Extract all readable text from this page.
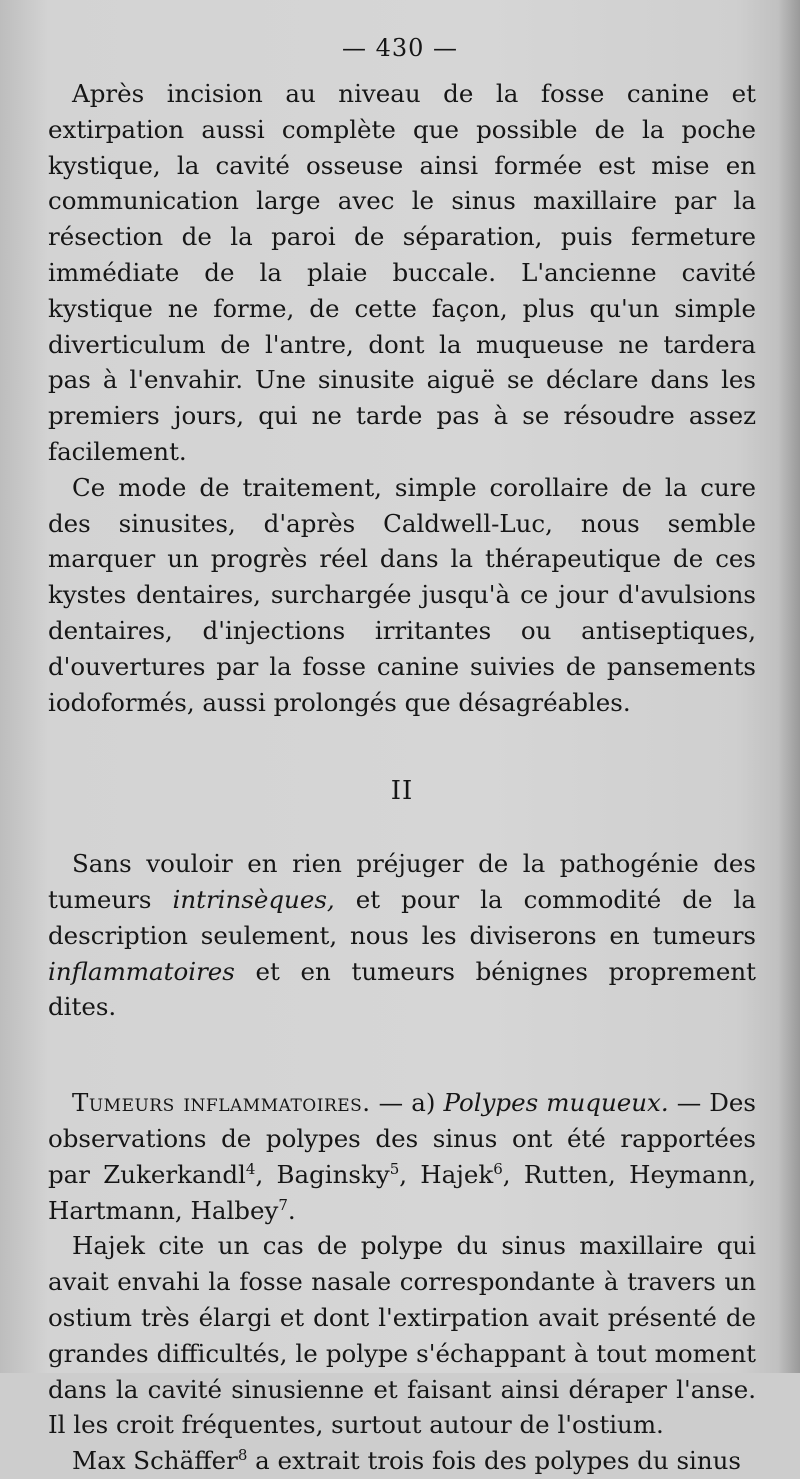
— 430 —

Après incision au niveau de la fosse canine et extirpation aussi complète que possible de la poche kystique, la cavité osseuse ainsi formée est mise en communication large avec le sinus maxillaire par la résection de la paroi de séparation, puis fermeture immédiate de la plaie buccale. L'ancienne cavité kystique ne forme, de cette façon, plus qu'un simple diverticulum de l'antre, dont la muqueuse ne tardera pas à l'envahir. Une sinusite aiguë se déclare dans les premiers jours, qui ne tarde pas à se résoudre assez facilement.

Ce mode de traitement, simple corollaire de la cure des sinusites, d'après Caldwell-Luc, nous semble marquer un progrès réel dans la thérapeutique de ces kystes dentaires, surchargée jusqu'à ce jour d'avulsions dentaires, d'injections irritantes ou antiseptiques, d'ouvertures par la fosse canine suivies de pansements iodoformés, aussi prolongés que désagréables.

II

Sans vouloir en rien préjuger de la pathogénie des tumeurs intrinsèques, et pour la commodité de la description seulement, nous les diviserons en tumeurs inflammatoires et en tumeurs bénignes proprement dites.

Tumeurs inflammatoires. — a) Polypes muqueux. — Des observations de polypes des sinus ont été rapportées par Zukerkandl$^4$, Baginsky$^5$, Hajek$^6$, Rutten, Heymann, Hartmann, Halbey$^7$.

Hajek cite un cas de polype du sinus maxillaire qui avait envahi la fosse nasale correspondante à travers un ostium très élargi et dont l'extirpation avait présenté de grandes difficultés, le polype s'échappant à tout moment dans la cavité sinusienne et faisant ainsi déraper l'anse. Il les croit fréquentes, surtout autour de l'ostium.

Max Schäffer$^8$ a extrait trois fois des polypes du sinus
